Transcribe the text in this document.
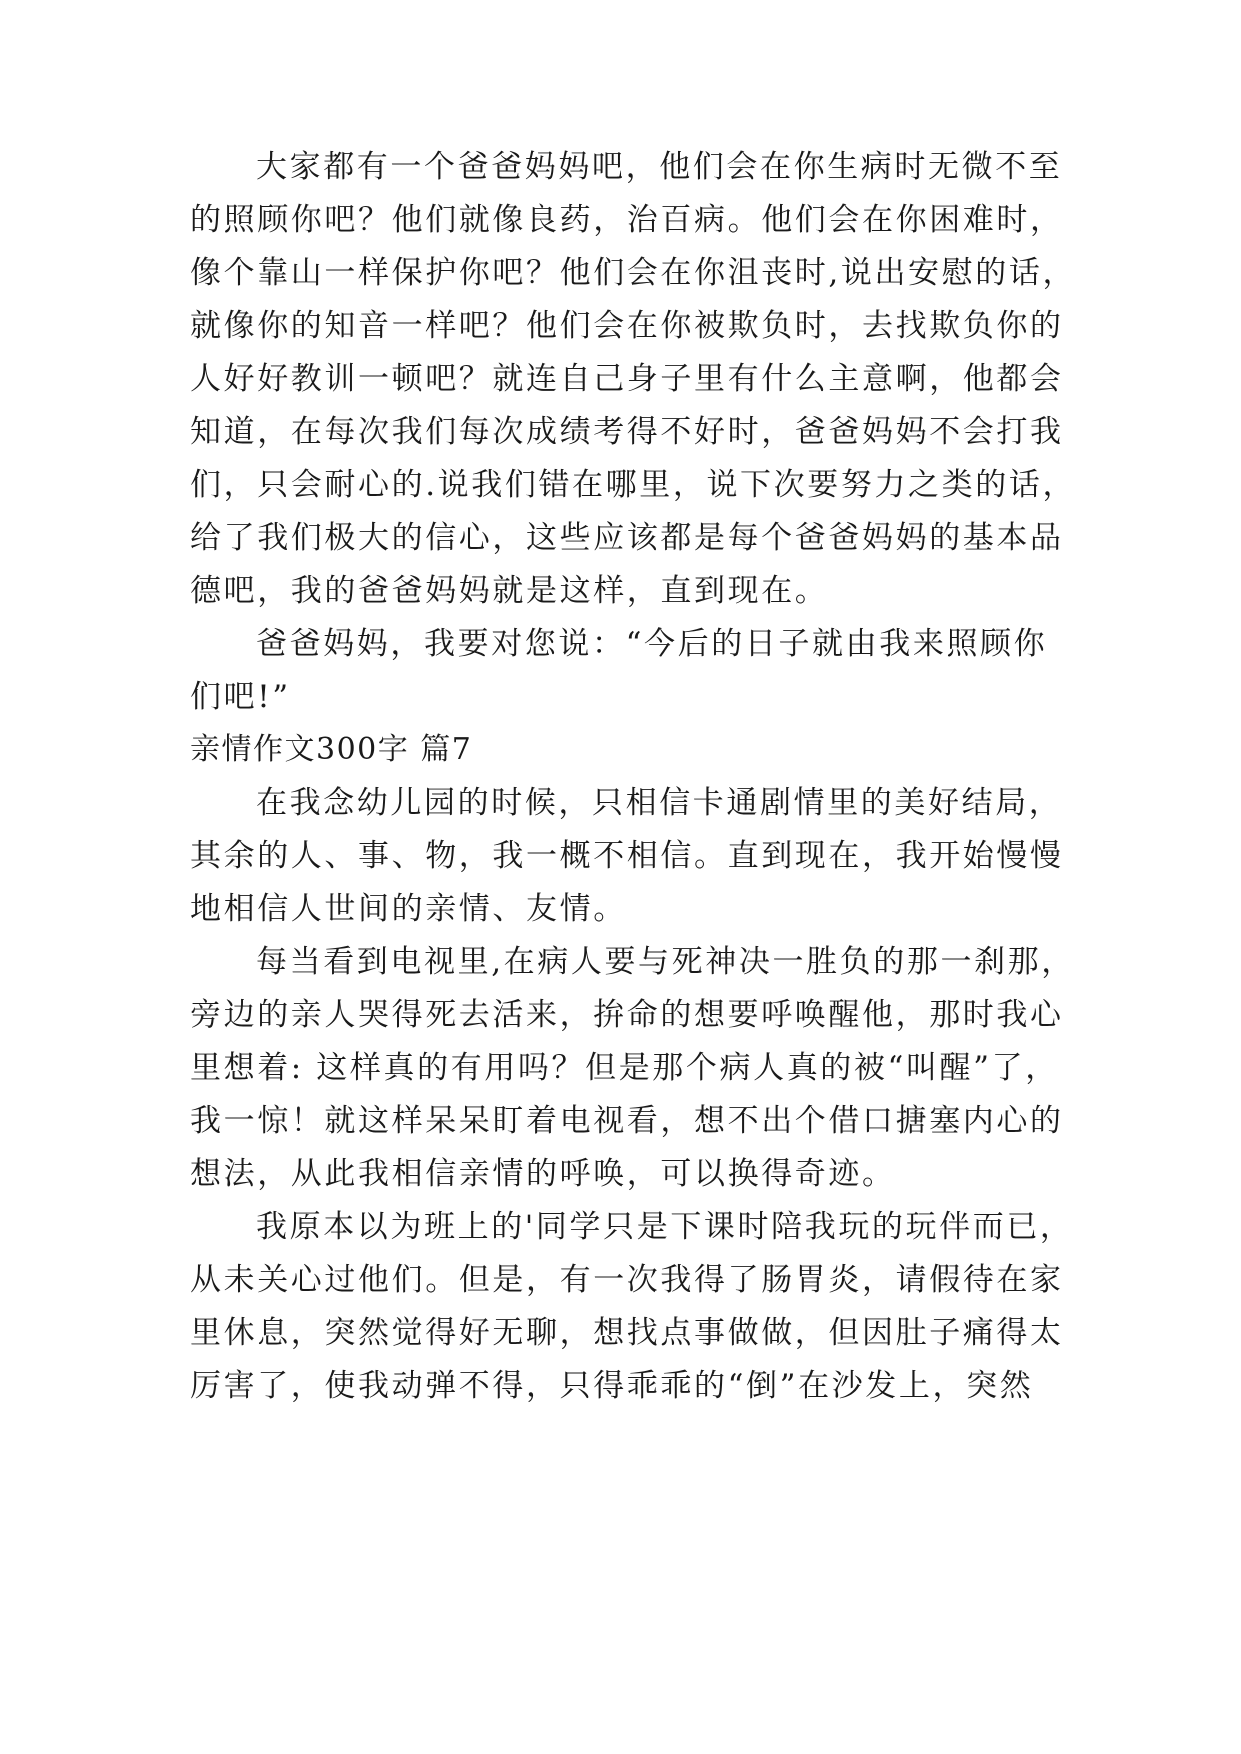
大家都有一个爸爸妈妈吧，他们会在你生病时无微不至
的照顾你吧？他们就像良药，治百病。他们会在你困难时，
像个靠山一样保护你吧？他们会在你沮丧时,说出安慰的话，
就像你的知音一样吧？他们会在你被欺负时，去找欺负你的
人好好教训一顿吧？就连自己身子里有什么主意啊，他都会
知道，在每次我们每次成绩考得不好时，爸爸妈妈不会打我
们，只会耐心的.说我们错在哪里，说下次要努力之类的话，
给了我们极大的信心，这些应该都是每个爸爸妈妈的基本品
德吧，我的爸爸妈妈就是这样，直到现在。
爸爸妈妈，我要对您说：“今后的日子就由我来照顾你
们吧!”
亲情作文300字 篇7
在我念幼儿园的时候，只相信卡通剧情里的美好结局，
其余的人、事、物，我一概不相信。直到现在，我开始慢慢
地相信人世间的亲情、友情。
每当看到电视里,在病人要与死神决一胜负的那一刹那，
旁边的亲人哭得死去活来，拚命的想要呼唤醒他，那时我心
里想着: 这样真的有用吗？但是那个病人真的被“叫醒”了，
我一惊！就这样呆呆盯着电视看，想不出个借口搪塞内心的
想法，从此我相信亲情的呼唤，可以换得奇迹。
我原本以为班上的'同学只是下课时陪我玩的玩伴而已，
从未关心过他们。但是，有一次我得了肠胃炎，请假待在家
里休息，突然觉得好无聊，想找点事做做，但因肚子痛得太
厉害了，使我动弹不得，只得乖乖的“倒”在沙发上，突然
